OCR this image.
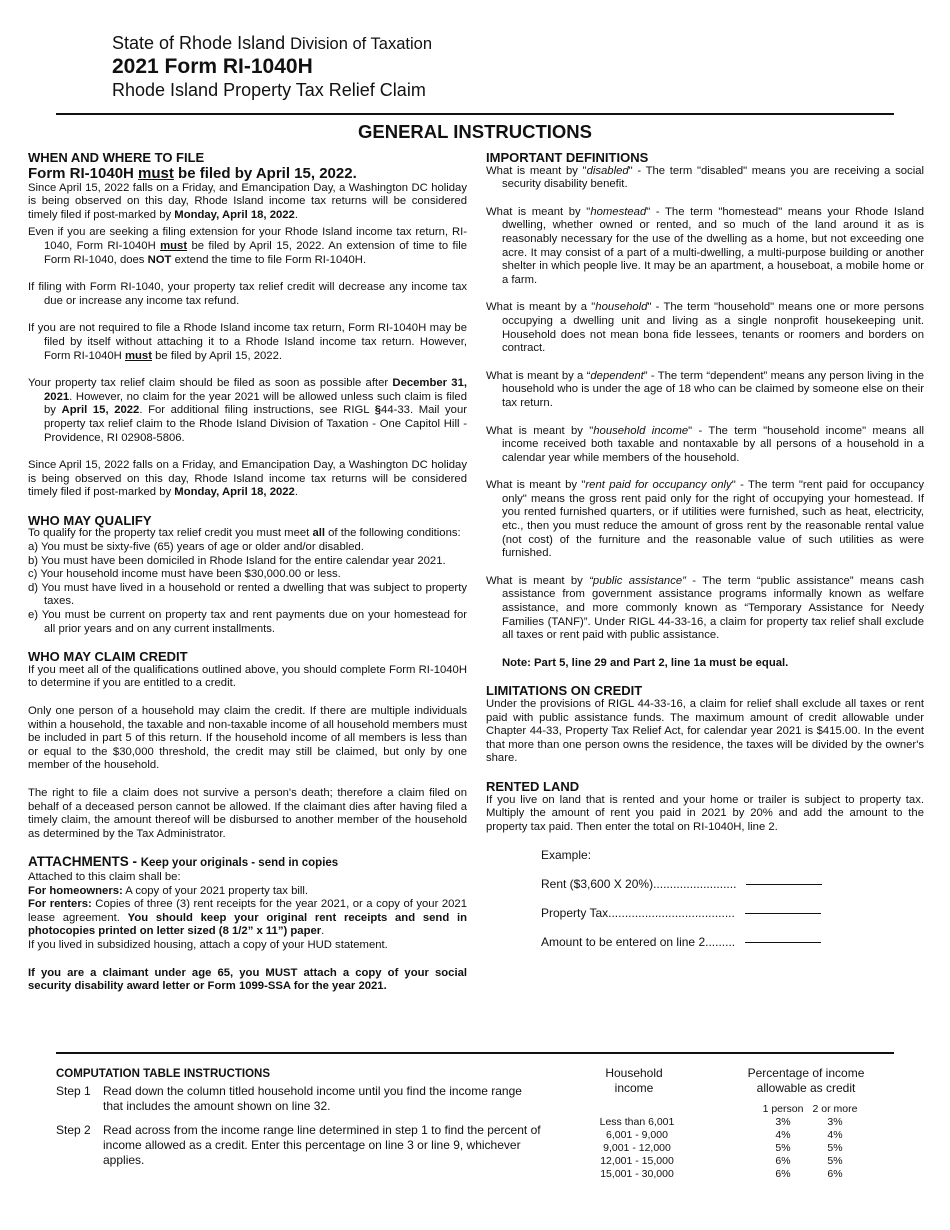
State of Rhode Island Division of Taxation
2021 Form RI-1040H
Rhode Island Property Tax Relief Claim
GENERAL INSTRUCTIONS

WHEN AND WHERE TO FILE

Form RI-1040H must be filed by April 15, 2022.

Since April 15, 2022 falls on a Friday, and Emancipation Day, a Washington DC holiday is being observed on this day, Rhode Island income tax returns will be considered timely filed if post-marked by Monday, April 18, 2022.

Even if you are seeking a filing extension for your Rhode Island income tax return, RI-1040, Form RI-1040H must be filed by April 15, 2022. An extension of time to file Form RI-1040, does NOT extend the time to file Form RI-1040H.

If filing with Form RI-1040, your property tax relief credit will decrease any income tax due or increase any income tax refund.

If you are not required to file a Rhode Island income tax return, Form RI-1040H may be filed by itself without attaching it to a Rhode Island income tax return. However, Form RI-1040H must be filed by April 15, 2022.

Your property tax relief claim should be filed as soon as possible after December 31, 2021. However, no claim for the year 2021 will be allowed unless such claim is filed by April 15, 2022. For additional filing instructions, see RIGL §44-33. Mail your property tax relief claim to the Rhode Island Division of Taxation - One Capitol Hill - Providence, RI 02908-5806.

Since April 15, 2022 falls on a Friday, and Emancipation Day, a Washington DC holiday is being observed on this day, Rhode Island income tax returns will be considered timely filed if post-marked by Monday, April 18, 2022.

WHO MAY QUALIFY

To qualify for the property tax relief credit you must meet all of the following conditions:

a) You must be sixty-five (65) years of age or older and/or disabled.

b) You must have been domiciled in Rhode Island for the entire calendar year 2021.

c) Your household income must have been $30,000.00 or less.

d) You must have lived in a household or rented a dwelling that was subject to property taxes.

e) You must be current on property tax and rent payments due on your homestead for all prior years and on any current installments.

WHO MAY CLAIM CREDIT

If you meet all of the qualifications outlined above, you should complete Form RI-1040H to determine if you are entitled to a credit.

Only one person of a household may claim the credit. If there are multiple individuals within a household, the taxable and non-taxable income of all household members must be included in part 5 of this return. If the household income of all members is less than or equal to the $30,000 threshold, the credit may still be claimed, but only by one member of the household.

The right to file a claim does not survive a person's death; therefore a claim filed on behalf of a deceased person cannot be allowed. If the claimant dies after having filed a timely claim, the amount thereof will be disbursed to another member of the household as determined by the Tax Administrator.

ATTACHMENTS - Keep your originals - send in copies

Attached to this claim shall be:

For homeowners: A copy of your 2021 property tax bill.

For renters: Copies of three (3) rent receipts for the year 2021, or a copy of your 2021 lease agreement. You should keep your original rent receipts and send in photocopies printed on letter sized (8 1/2” x 11”) paper.

If you lived in subsidized housing, attach a copy of your HUD statement.

If you are a claimant under age 65, you MUST attach a copy of your social security disability award letter or Form 1099-SSA for the year 2021.

IMPORTANT DEFINITIONS

What is meant by "disabled" - The term "disabled" means you are receiving a social security disability benefit.

What is meant by "homestead" - The term "homestead" means your Rhode Island dwelling, whether owned or rented, and so much of the land around it as is reasonably necessary for the use of the dwelling as a home, but not exceeding one acre. It may consist of a part of a multi-dwelling, a multi-purpose building or another shelter in which people live. It may be an apartment, a houseboat, a mobile home or a farm.

What is meant by a "household" - The term "household" means one or more persons occupying a dwelling unit and living as a single nonprofit housekeeping unit. Household does not mean bona fide lessees, tenants or roomers and borders on contract.

What is meant by a “dependent” - The term “dependent” means any person living in the household who is under the age of 18 who can be claimed by someone else on their tax return.

What is meant by "household income" - The term "household income" means all income received both taxable and nontaxable by all persons of a household in a calendar year while members of the household.

What is meant by "rent paid for occupancy only" - The term "rent paid for occupancy only" means the gross rent paid only for the right of occupying your homestead. If you rented furnished quarters, or if utilities were furnished, such as heat, electricity, etc., then you must reduce the amount of gross rent by the reasonable rental value (not cost) of the furniture and the reasonable value of such utilities as were furnished.

What is meant by “public assistance” - The term “public assistance” means cash assistance from government assistance programs informally known as welfare assistance, and more commonly known as “Temporary Assistance for Needy Families (TANF)”. Under RIGL 44-33-16, a claim for property tax relief shall exclude all taxes or rent paid with public assistance.

Note: Part 5, line 29 and Part 2, line 1a must be equal.

LIMITATIONS ON CREDIT

Under the provisions of RIGL 44-33-16, a claim for relief shall exclude all taxes or rent paid with public assistance funds. The maximum amount of credit allowable under Chapter 44-33, Property Tax Relief Act, for calendar year 2021 is $415.00. In the event that more than one person owns the residence, the taxes will be divided by the owner's share.

RENTED LAND

If you live on land that is rented and your home or trailer is subject to property tax. Multiply the amount of rent you paid in 2021 by 20% and add the amount to the property tax paid. Then enter the total on RI-1040H, line 2.

Example:
Rent ($3,600 X 20%).........................
Property Tax......................................
Amount to be entered on line 2.........
COMPUTATION TABLE INSTRUCTIONS
Step 1	Read down the column titled household income until you find the income range that includes the amount shown on line 32.
Step 2	Read across from the income range line determined in step 1 to find the percent of income allowed as a credit. Enter this percentage on line 3 or line 9, whichever applies.
Household income
Percentage of income allowable as credit
		1 person	2 or more
Less than 6,001		3%	3%
6,001 - 9,000		4%	4%
9,001 - 12,000		5%	5%
12,001 - 15,000		6%	5%
15,001 - 30,000		6%	6%
